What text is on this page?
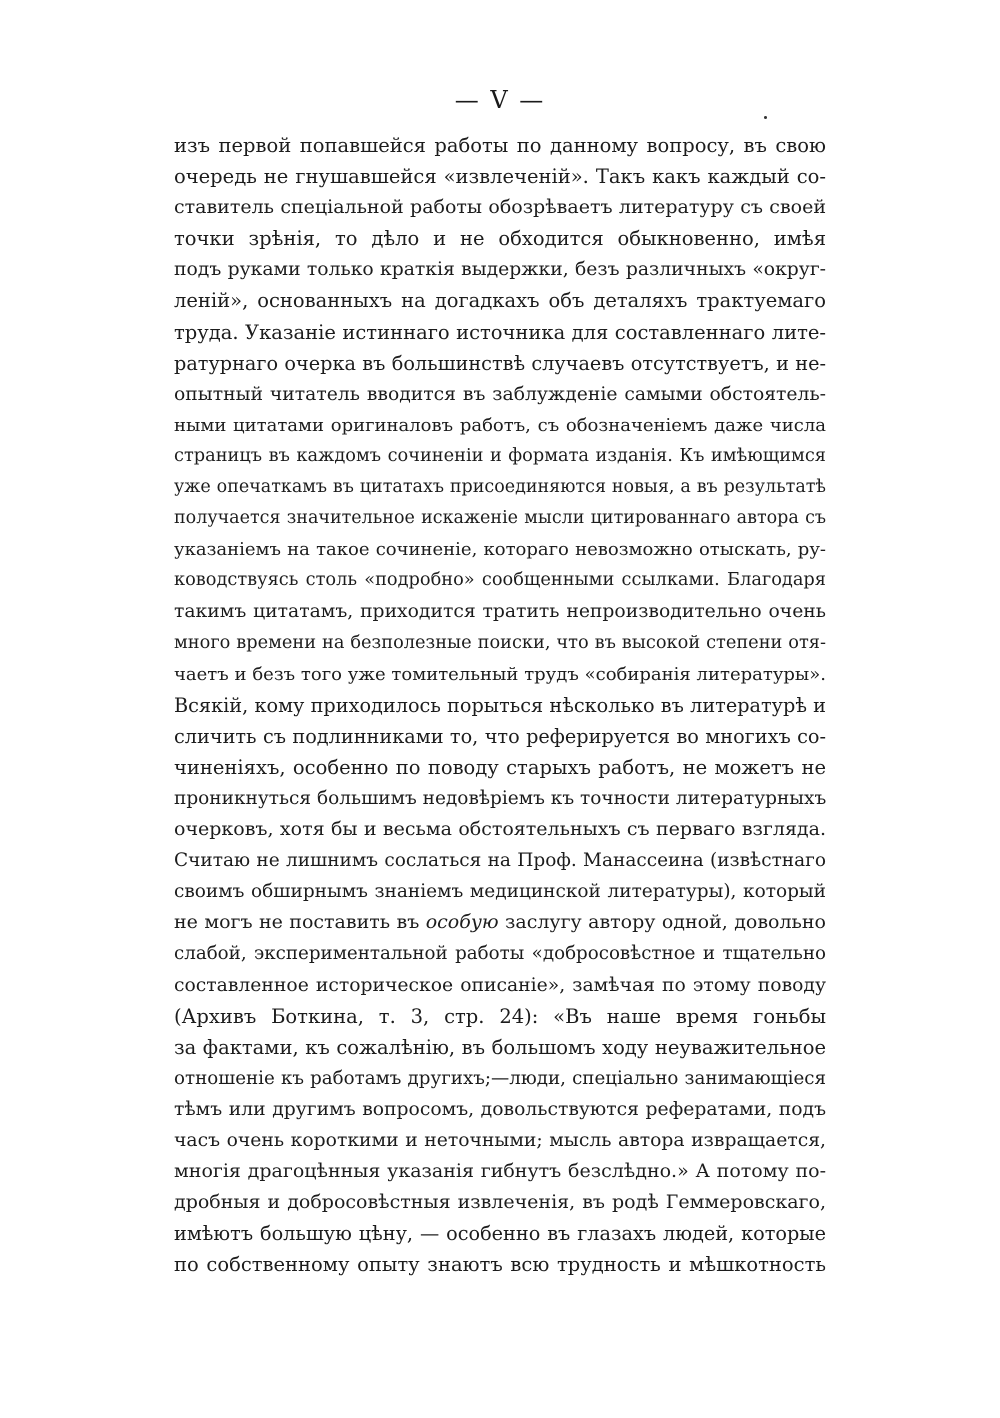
— V —
изъ первой попавшейся работы по данному вопросу, въ свою
очередь не гнушавшейся «извлеченій». Такъ какъ каждый со-
ставитель спеціальной работы обозрѣваетъ литературу съ своей
точки зрѣнія, то дѣло и не обходится обыкновенно, имѣя
подъ руками только краткія выдержки, безъ различныхъ «округ-
леній», основанныхъ на догадкахъ объ деталяхъ трактуемаго
труда. Указаніе истиннаго источника для составленнаго лите-
ратурнаго очерка въ большинствѣ случаевъ отсутствуетъ, и не-
опытный читатель вводится въ заблужденіе самыми обстоятель-
ными цитатами оригиналовъ работъ, съ обозначеніемъ даже числа
страницъ въ каждомъ сочиненіи и формата изданія. Къ имѣющимся
уже опечаткамъ въ цитатахъ присоединяются новыя, а въ результатѣ
получается значительное искаженіе мысли цитированнаго автора съ
указаніемъ на такое сочиненіе, котораго невозможно отыскать, ру-
ководствуясь столь «подробно» сообщенными ссылками. Благодаря
такимъ цитатамъ, приходится тратить непроизводительно очень
много времени на безполезные поиски, что въ высокой степени отя-
чаетъ и безъ того уже томительный трудъ «собиранія литературы».
Всякій, кому приходилось порыться нѣсколько въ литературѣ и
сличить съ подлинниками то, что реферируется во многихъ со-
чиненіяхъ, особенно по поводу старыхъ работъ, не можетъ не
проникнуться большимъ недовѣріемъ къ точности литературныхъ
очерковъ, хотя бы и весьма обстоятельныхъ съ перваго взгляда.
Считаю не лишнимъ сослаться на Проф. Манассеина (извѣстнаго
своимъ обширнымъ знаніемъ медицинской литературы), который
не могъ не поставить въ особую заслугу автору одной, довольно
слабой, экспериментальной работы «добросовѣстное и тщательно
составленное историческое описаніе», замѣчая по этому поводу
(Архивъ Боткина, т. 3, стр. 24): «Въ наше время гоньбы
за фактами, къ сожалѣнію, въ большомъ ходу неуважительное
отношеніе къ работамъ другихъ;—люди, спеціально занимающіеся
тѣмъ или другимъ вопросомъ, довольствуются рефератами, подъ
часъ очень короткими и неточными; мысль автора извращается,
многія драгоцѣнныя указанія гибнутъ безслѣдно.» А потому по-
дробныя и добросовѣстныя извлеченія, въ родѣ Геммеровскаго,
имѣютъ большую цѣну, — особенно въ глазахъ людей, которые
по собственному опыту знаютъ всю трудность и мѣшкотность
